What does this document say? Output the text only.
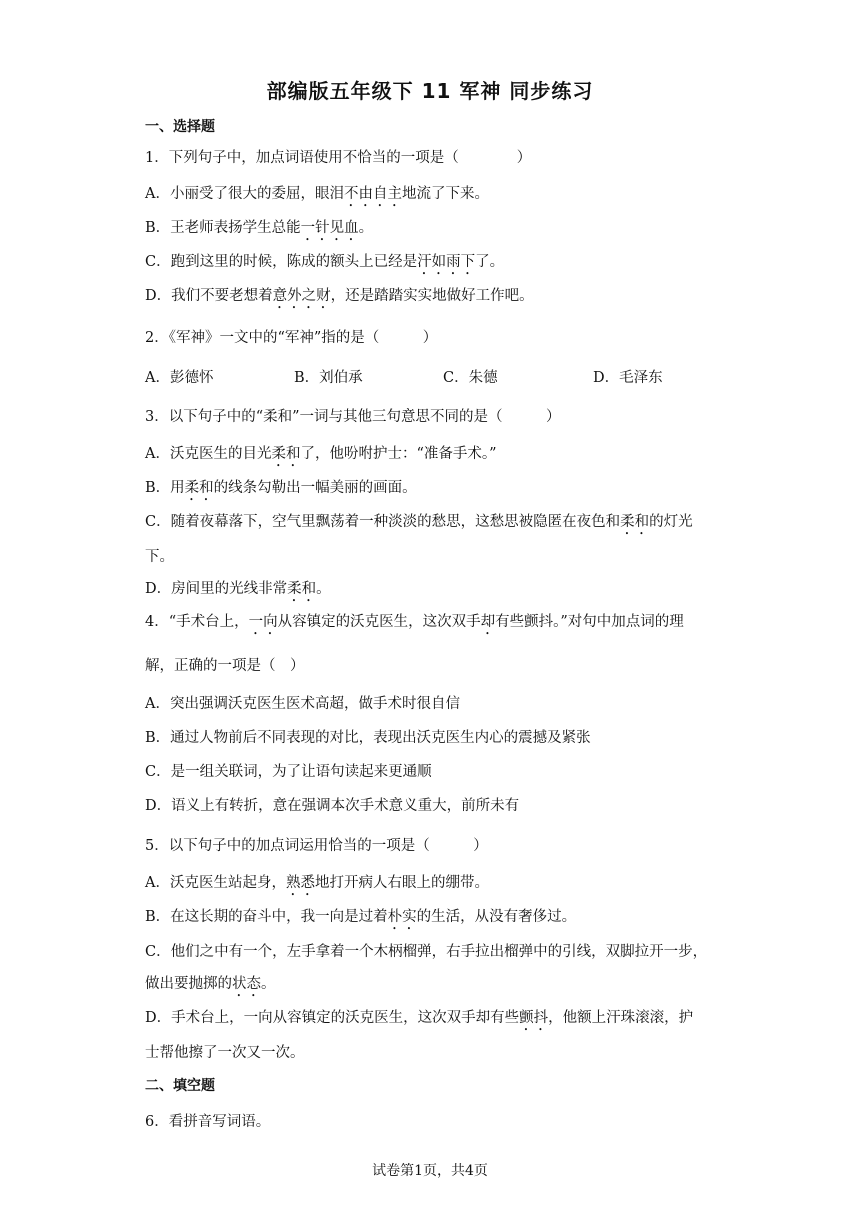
部编版五年级下 11 军神 同步练习
一、选择题
1．下列句子中，加点词语使用不恰当的一项是（　　　　）
A．小丽受了很大的委屈，眼泪不由自主地流了下来。
B．王老师表扬学生总能一针见血。
C．跑到这里的时候，陈成的额头上已经是汗如雨下了。
D．我们不要老想着意外之财，还是踏踏实实地做好工作吧。
2．《军神》一文中的“军神”指的是（　　　）
A．彭德怀	B．刘伯承	C．朱德	D．毛泽东
3．以下句子中的“柔和”一词与其他三句意思不同的是（　　　）
A．沃克医生的目光柔和了，他吩咐护士：“准备手术。”
B．用柔和的线条勾勒出一幅美丽的画面。
C．随着夜幕落下，空气里飘荡着一种淡淡的愁思，这愁思被隐匿在夜色和柔和的灯光
下。
D．房间里的光线非常柔和。
4．“手术台上，一向从容镇定的沃克医生，这次双手却有些颤抖。”对句中加点词的理
解，正确的一项是（　）
A．突出强调沃克医生医术高超，做手术时很自信
B．通过人物前后不同表现的对比，表现出沃克医生内心的震撼及紧张
C．是一组关联词，为了让语句读起来更通顺
D．语义上有转折，意在强调本次手术意义重大，前所未有
5．以下句子中的加点词运用恰当的一项是（　　　）
A．沃克医生站起身，熟悉地打开病人右眼上的绷带。
B．在这长期的奋斗中，我一向是过着朴实的生活，从没有奢侈过。
C．他们之中有一个，左手拿着一个木柄榴弹，右手拉出榴弹中的引线，双脚拉开一步，
做出要抛掷的状态。
D．手术台上，一向从容镇定的沃克医生，这次双手却有些颤抖，他额上汗珠滚滚，护
士帮他擦了一次又一次。
二、填空题
6．看拼音写词语。
试卷第1页，共4页
